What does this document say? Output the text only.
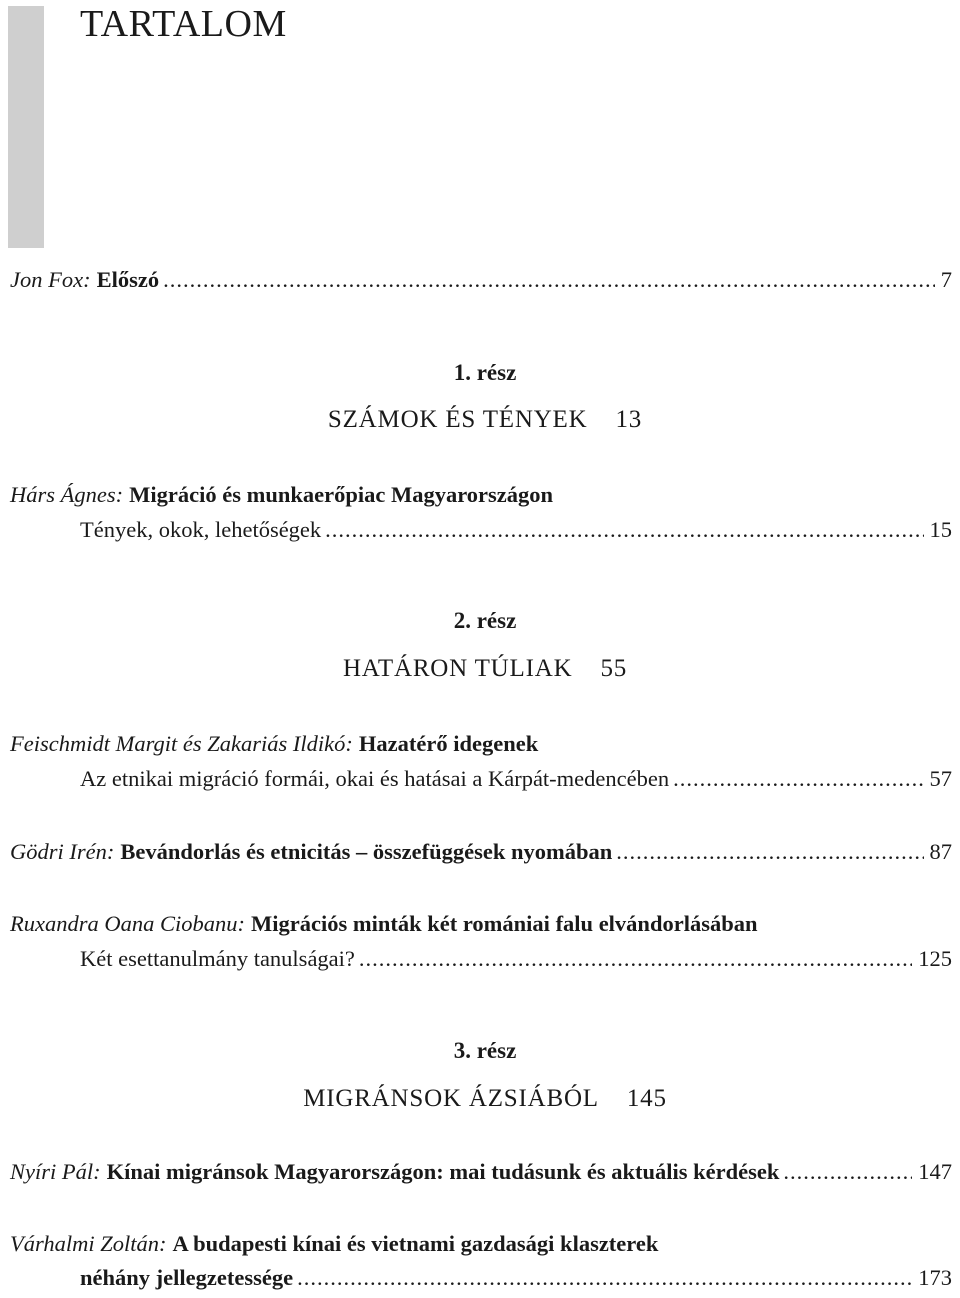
TARTALOM
Jon Fox: Előszó .....	7
1. rész
SZÁMOK ÉS TÉNYEK 13
Hárs Ágnes: Migráció és munkaerőpiac Magyarországon
Tények, okok, lehetőségek .....	15
2. rész
HATÁRON TÚLIAK 55
Feischmidt Margit és Zakariás Ildikó: Hazatérő idegenek
Az etnikai migráció formái, okai és hatásai a Kárpát-medencében .....	57
Gödri Irén: Bevándorlás és etnicitás – összefüggések nyomában .....	87
Ruxandra Oana Ciobanu: Migrációs minták két romániai falu elvándorlásában
Két esettanulmány tanulságai? .....	125
3. rész
MIGRÁNSOK ÁZSIÁBÓL 145
Nyíri Pál: Kínai migránsok Magyarországon: mai tudásunk és aktuális kérdések .....	147
Várhalmi Zoltán: A budapesti kínai és vietnami gazdasági klaszterek
néhány jellegzetessége .....	173
